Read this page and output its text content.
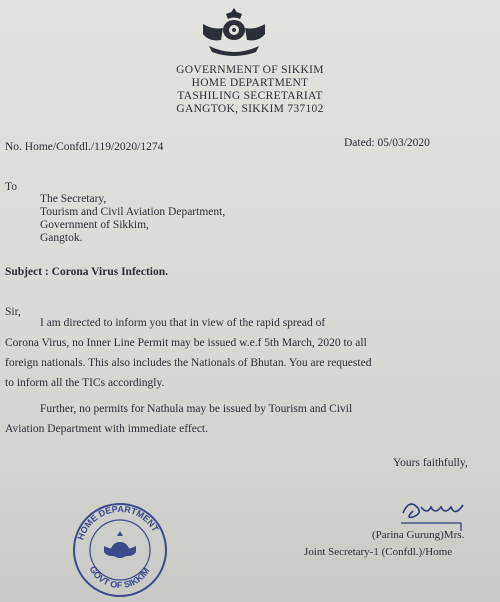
GOVERNMENT OF SIKKIM
HOME DEPARTMENT
TASHILING SECRETARIAT
GANGTOK, SIKKIM 737102
No. Home/Confdl./119/2020/1274	Dated: 05/03/2020
To
The Secretary,
Tourism and Civil Aviation Department,
Government of Sikkim,
Gangtok.
Subject : Corona Virus Infection.
Sir,
I am directed to inform you that in view of the rapid spread of
Corona Virus, no Inner Line Permit may be issued w.e.f 5th March, 2020 to all
foreign nationals. This also includes the Nationals of Bhutan. You are requested
to inform all the TICs accordingly.
Further, no permits for Nathula may be issued by Tourism and Civil
Aviation Department with immediate effect.
Yours faithfully,
(Parina Gurung)Mrs.
Joint Secretary-1 (Confdl.)/Home
HOME DEPARTMENT
GOVT OF SIKKIM
